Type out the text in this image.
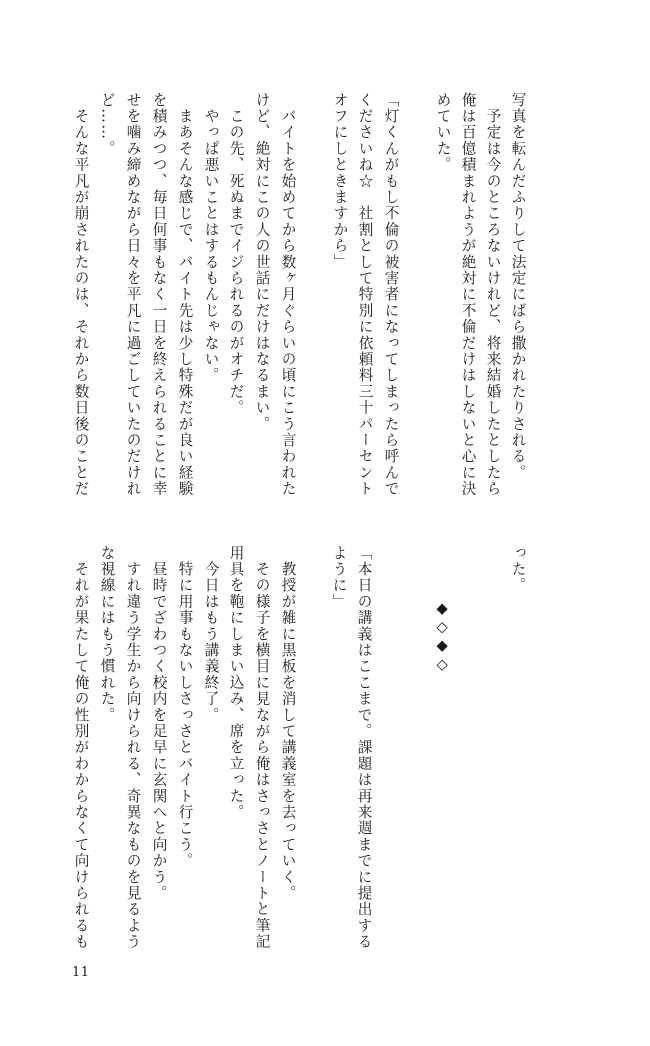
写真を転んだふりして法定にばら撒かれたりされる。
　予定は今のところないけれど、将来結婚したとしたら
俺は百億積まれようが絶対に不倫だけはしないと心に決
めていた。
「灯くんがもし不倫の被害者になってしまったら呼んで
くださいね☆　社割として特別に依頼料三十パーセント
オフにしときますから」
　バイトを始めてから数ヶ月ぐらいの頃にこう言われた
けど、絶対にこの人の世話にだけはなるまい。
　この先、死ぬまでイジられるのがオチだ。
　やっぱ悪いことはするもんじゃない。
　まあそんな感じで、バイト先は少し特殊だが良い経験
を積みつつ、毎日何事もなく一日を終えられることに幸
せを噛み締めながら日々を平凡に過ごしていたのだけれ
ど……。
　そんな平凡が崩されたのは、それから数日後のことだ
った。
◆◇◆◇
「本日の講義はここまで。課題は再来週までに提出する
ように」
　教授が雑に黒板を消して講義室を去っていく。
　その様子を横目に見ながら俺はさっさとノートと筆記
用具を鞄にしまい込み、席を立った。
　今日はもう講義終了。
　特に用事もないしさっさとバイト行こう。
　昼時でざわつく校内を足早に玄関へと向かう。
　すれ違う学生から向けられる、奇異なものを見るよう
な視線にはもう慣れた。
　それが果たして俺の性別がわからなくて向けられるも
11
